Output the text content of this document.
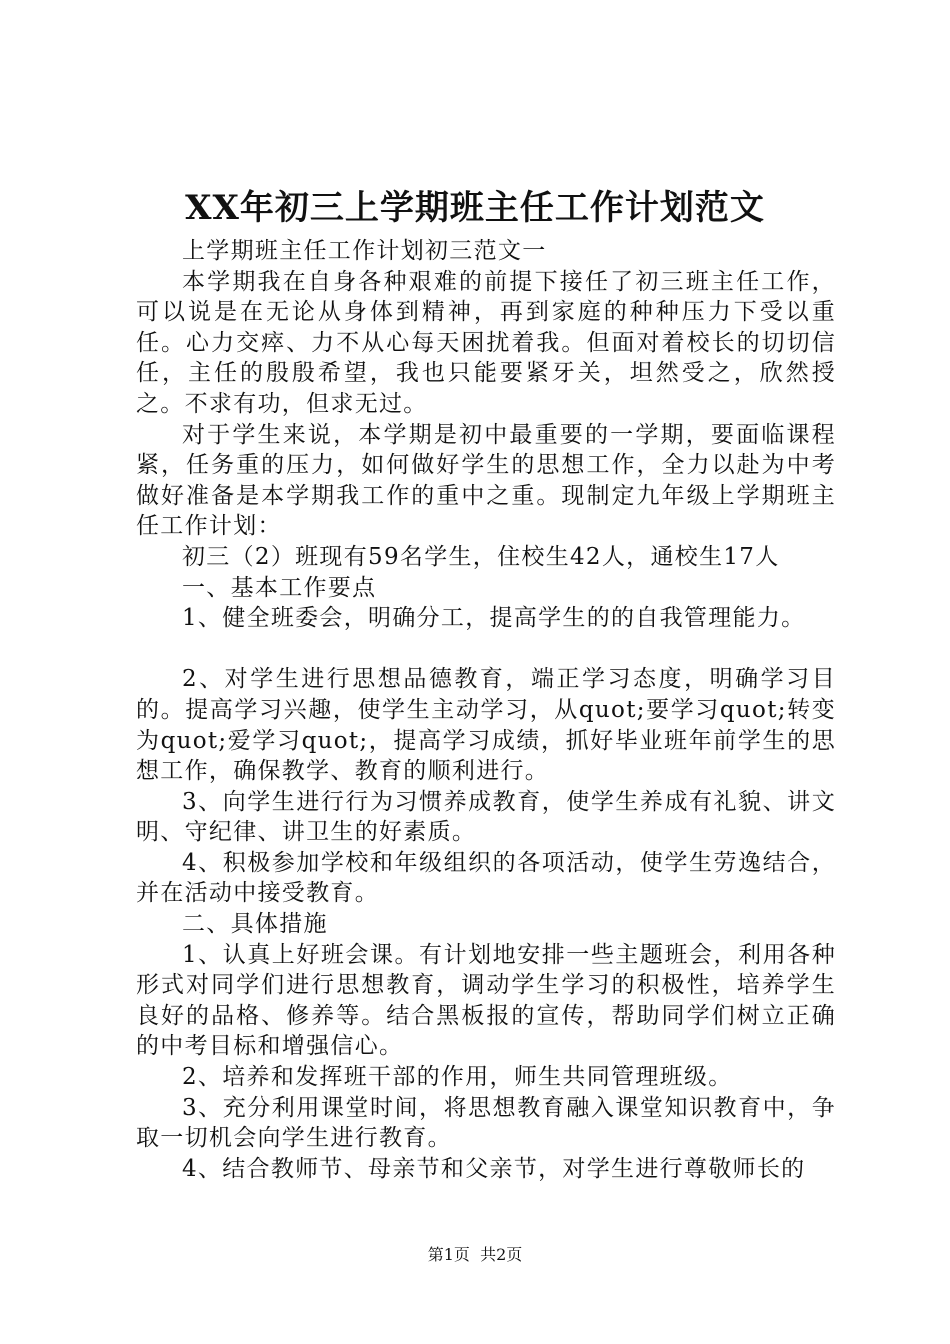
XX年初三上学期班主任工作计划范文

上学期班主任工作计划初三范文一

本学期我在自身各种艰难的前提下接任了初三班主任工作，可以说是在无论从身体到精神，再到家庭的种种压力下受以重任。心力交瘁、力不从心每天困扰着我。但面对着校长的切切信任，主任的殷殷希望，我也只能要紧牙关，坦然受之，欣然授之。不求有功，但求无过。

对于学生来说，本学期是初中最重要的一学期，要面临课程紧，任务重的压力，如何做好学生的思想工作，全力以赴为中考做好准备是本学期我工作的重中之重。现制定九年级上学期班主任工作计划：

初三（2）班现有59名学生，住校生42人，通校生17人

一、基本工作要点

1、健全班委会，明确分工，提高学生的的自我管理能力。

2、对学生进行思想品德教育，端正学习态度，明确学习目的。提高学习兴趣，使学生主动学习，从quot;要学习quot;转变为quot;爱学习quot;，提高学习成绩，抓好毕业班年前学生的思想工作，确保教学、教育的顺利进行。

3、向学生进行行为习惯养成教育，使学生养成有礼貌、讲文明、守纪律、讲卫生的好素质。

4、积极参加学校和年级组织的各项活动，使学生劳逸结合，并在活动中接受教育。

二、具体措施

1、认真上好班会课。有计划地安排一些主题班会，利用各种形式对同学们进行思想教育，调动学生学习的积极性，培养学生良好的品格、修养等。结合黑板报的宣传，帮助同学们树立正确的中考目标和增强信心。

2、培养和发挥班干部的作用，师生共同管理班级。

3、充分利用课堂时间，将思想教育融入课堂知识教育中，争取一切机会向学生进行教育。

4、结合教师节、母亲节和父亲节，对学生进行尊敬师长的

第1页  共2页
